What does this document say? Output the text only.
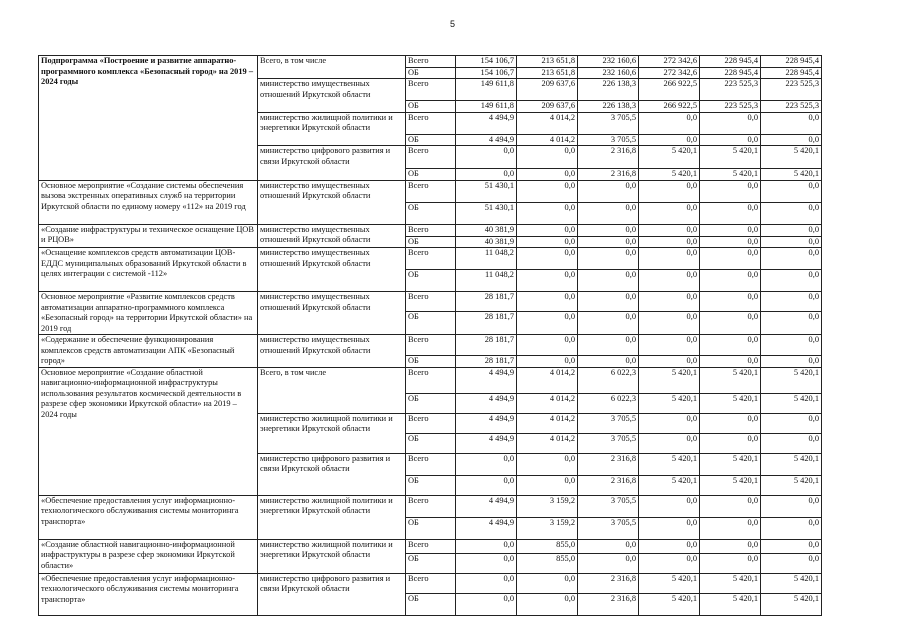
5
Подпрограмма «Построение и развитие аппаратно-программного комплекса «Безопасный город» на 2019 – 2024 годы	Всего, в том числе	Всего	154 106,7	213 651,8	232 160,6	272 342,6	228 945,4	228 945,4
		ОБ	154 106,7	213 651,8	232 160,6	272 342,6	228 945,4	228 945,4
	министерство имущественных отношений Иркутской области	Всего	149 611,8	209 637,6	226 138,3	266 922,5	223 525,3	223 525,3
		ОБ	149 611,8	209 637,6	226 138,3	266 922,5	223 525,3	223 525,3
	министерство жилищной политики и энергетики Иркутской области	Всего	4 494,9	4 014,2	3 705,5	0,0	0,0	0,0
		ОБ	4 494,9	4 014,2	3 705,5	0,0	0,0	0,0
	министерство цифрового развития и связи Иркутской области	Всего	0,0	0,0	2 316,8	5 420,1	5 420,1	5 420,1
		ОБ	0,0	0,0	2 316,8	5 420,1	5 420,1	5 420,1
Основное мероприятие «Создание системы обеспечения вызова экстренных оперативных служб на территории Иркутской области по единому номеру «112» на 2019 год	министерство имущественных отношений Иркутской области	Всего	51 430,1	0,0	0,0	0,0	0,0	0,0
		ОБ	51 430,1	0,0	0,0	0,0	0,0	0,0
«Создание инфраструктуры и техническое оснащение ЦОВ и РЦОВ»	министерство имущественных отношений Иркутской области	Всего	40 381,9	0,0	0,0	0,0	0,0	0,0
		ОБ	40 381,9	0,0	0,0	0,0	0,0	0,0
«Оснащение комплексов средств автоматизации ЦОВ-ЕДДС муниципальных образований Иркутской области в целях интеграции с системой -112»	министерство имущественных отношений Иркутской области	Всего	11 048,2	0,0	0,0	0,0	0,0	0,0
		ОБ	11 048,2	0,0	0,0	0,0	0,0	0,0
Основное мероприятие «Развитие комплексов средств автоматизации аппаратно-программного комплекса «Безопасный город» на территории Иркутской области» на 2019 год	министерство имущественных отношений Иркутской области	Всего	28 181,7	0,0	0,0	0,0	0,0	0,0
		ОБ	28 181,7	0,0	0,0	0,0	0,0	0,0
«Содержание и обеспечение функционирования комплексов средств автоматизации АПК «Безопасный город»	министерство имущественных отношений Иркутской области	Всего	28 181,7	0,0	0,0	0,0	0,0	0,0
		ОБ	28 181,7	0,0	0,0	0,0	0,0	0,0
Основное мероприятие «Создание областной навигационно-информационной инфраструктуры использования результатов космической деятельности в разрезе сфер экономики Иркутской области» на 2019 – 2024 годы	Всего, в том числе	Всего	4 494,9	4 014,2	6 022,3	5 420,1	5 420,1	5 420,1
		ОБ	4 494,9	4 014,2	6 022,3	5 420,1	5 420,1	5 420,1
	министерство жилищной политики и энергетики Иркутской области	Всего	4 494,9	4 014,2	3 705,5	0,0	0,0	0,0
		ОБ	4 494,9	4 014,2	3 705,5	0,0	0,0	0,0
	министерство цифрового развития и связи Иркутской области	Всего	0,0	0,0	2 316,8	5 420,1	5 420,1	5 420,1
		ОБ	0,0	0,0	2 316,8	5 420,1	5 420,1	5 420,1
«Обеспечение предоставления услуг информационно-технологического обслуживания системы мониторинга транспорта»	министерство жилищной политики и энергетики Иркутской области	Всего	4 494,9	3 159,2	3 705,5	0,0	0,0	0,0
		ОБ	4 494,9	3 159,2	3 705,5	0,0	0,0	0,0
«Создание областной навигационно-информационной инфраструктуры в разрезе сфер экономики Иркутской области»	министерство жилищной политики и энергетики Иркутской области	Всего	0,0	855,0	0,0	0,0	0,0	0,0
		ОБ	0,0	855,0	0,0	0,0	0,0	0,0
«Обеспечение предоставления услуг информационно-технологического обслуживания системы мониторинга транспорта»	министерство цифрового развития и связи Иркутской области	Всего	0,0	0,0	2 316,8	5 420,1	5 420,1	5 420,1
		ОБ	0,0	0,0	2 316,8	5 420,1	5 420,1	5 420,1
